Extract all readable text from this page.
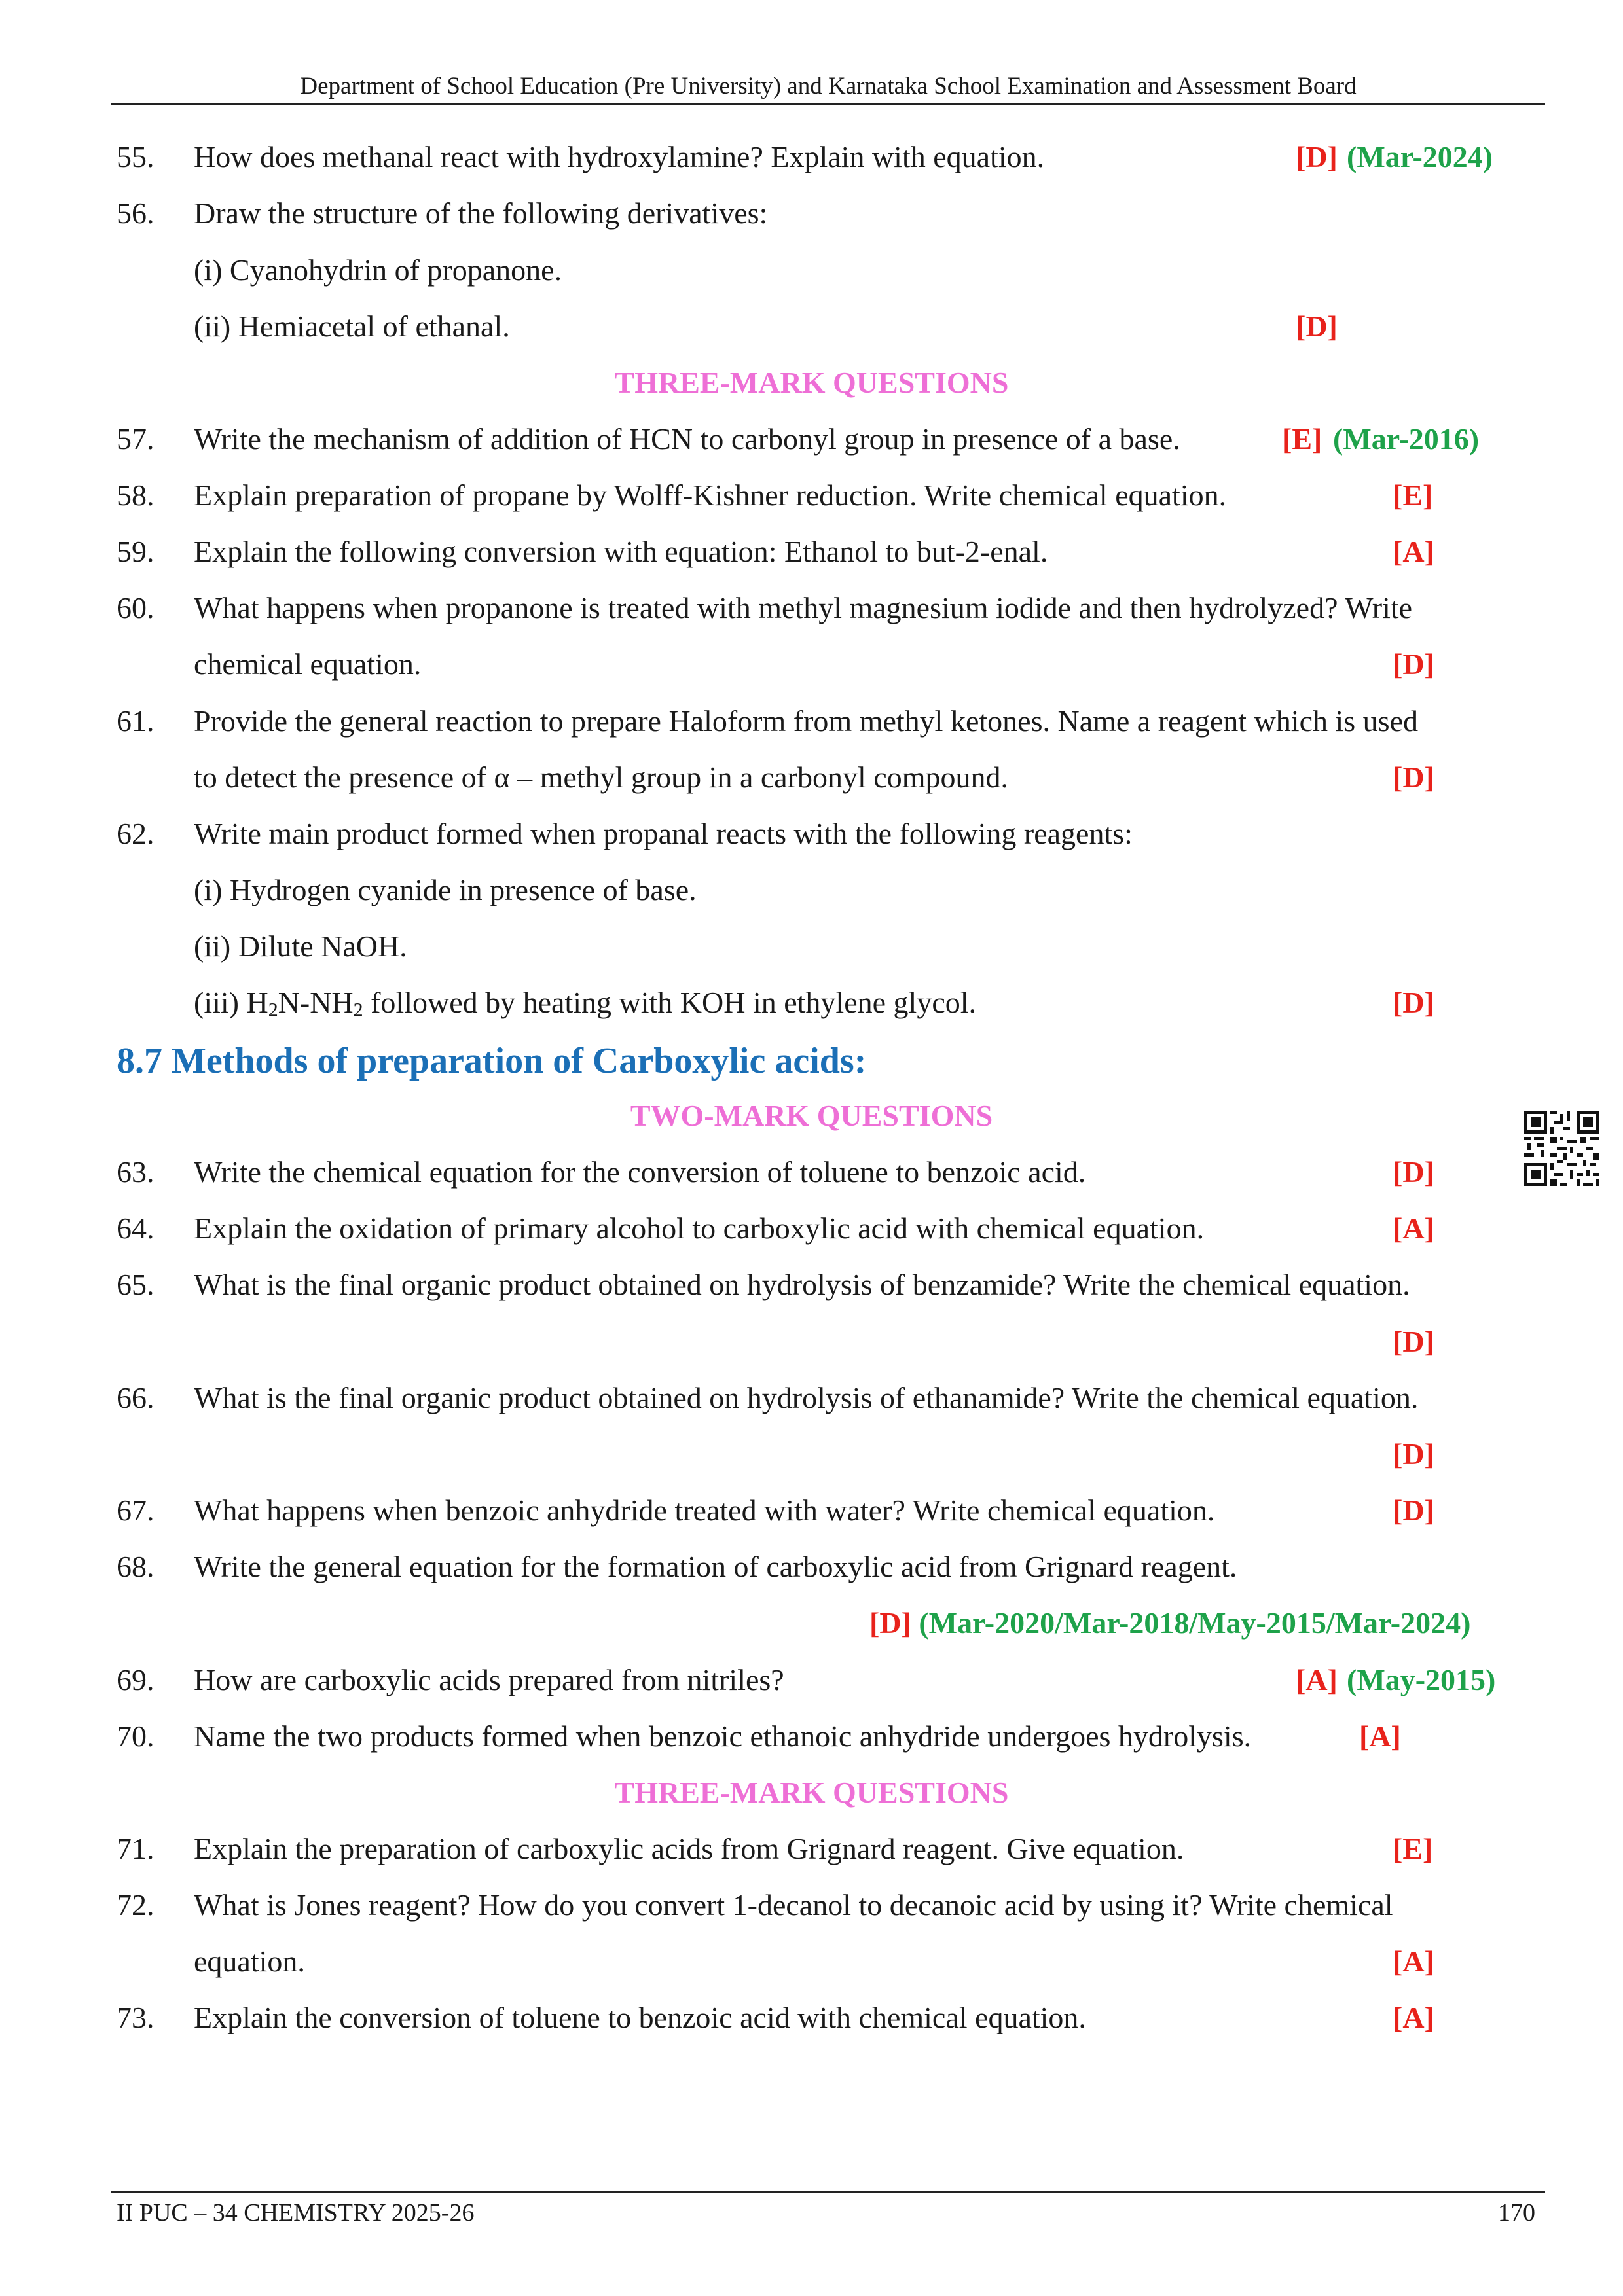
Department of School Education (Pre University) and Karnataka School Examination and Assessment Board
55. How does methanal react with hydroxylamine? Explain with equation.	[D] (Mar-2024)
56. Draw the structure of the following derivatives:
(i) Cyanohydrin of propanone.
(ii) Hemiacetal of ethanal.	[D]
THREE-MARK QUESTIONS
57. Write the mechanism of addition of HCN to carbonyl group in presence of a base.	[E] (Mar-2016)
58. Explain preparation of propane by Wolff-Kishner reduction. Write chemical equation.	[E]
59. Explain the following conversion with equation: Ethanol to but-2-enal.	[A]
60. What happens when propanone is treated with methyl magnesium iodide and then hydrolyzed? Write
chemical equation.	[D]
61. Provide the general reaction to prepare Haloform from methyl ketones. Name a reagent which is used
to detect the presence of α – methyl group in a carbonyl compound.	[D]
62. Write main product formed when propanal reacts with the following reagents:
(i) Hydrogen cyanide in presence of base.
(ii) Dilute NaOH.
(iii) $H_2N-NH_2$ followed by heating with KOH in ethylene glycol.	[D]
8.7 Methods of preparation of Carboxylic acids:
TWO-MARK QUESTIONS
63. Write the chemical equation for the conversion of toluene to benzoic acid.	[D]
64. Explain the oxidation of primary alcohol to carboxylic acid with chemical equation.	[A]
65. What is the final organic product obtained on hydrolysis of benzamide? Write the chemical equation.
[D]
66. What is the final organic product obtained on hydrolysis of ethanamide? Write the chemical equation.
[D]
67. What happens when benzoic anhydride treated with water? Write chemical equation.	[D]
68. Write the general equation for the formation of carboxylic acid from Grignard reagent.
[D] (Mar-2020/Mar-2018/May-2015/Mar-2024)
69. How are carboxylic acids prepared from nitriles?	[A] (May-2015)
70. Name the two products formed when benzoic ethanoic anhydride undergoes hydrolysis.	[A]
THREE-MARK QUESTIONS
71. Explain the preparation of carboxylic acids from Grignard reagent. Give equation.	[E]
72. What is Jones reagent? How do you convert 1-decanol to decanoic acid by using it? Write chemical
equation.	[A]
73. Explain the conversion of toluene to benzoic acid with chemical equation.	[A]
II PUC – 34 CHEMISTRY 2025-26	170
